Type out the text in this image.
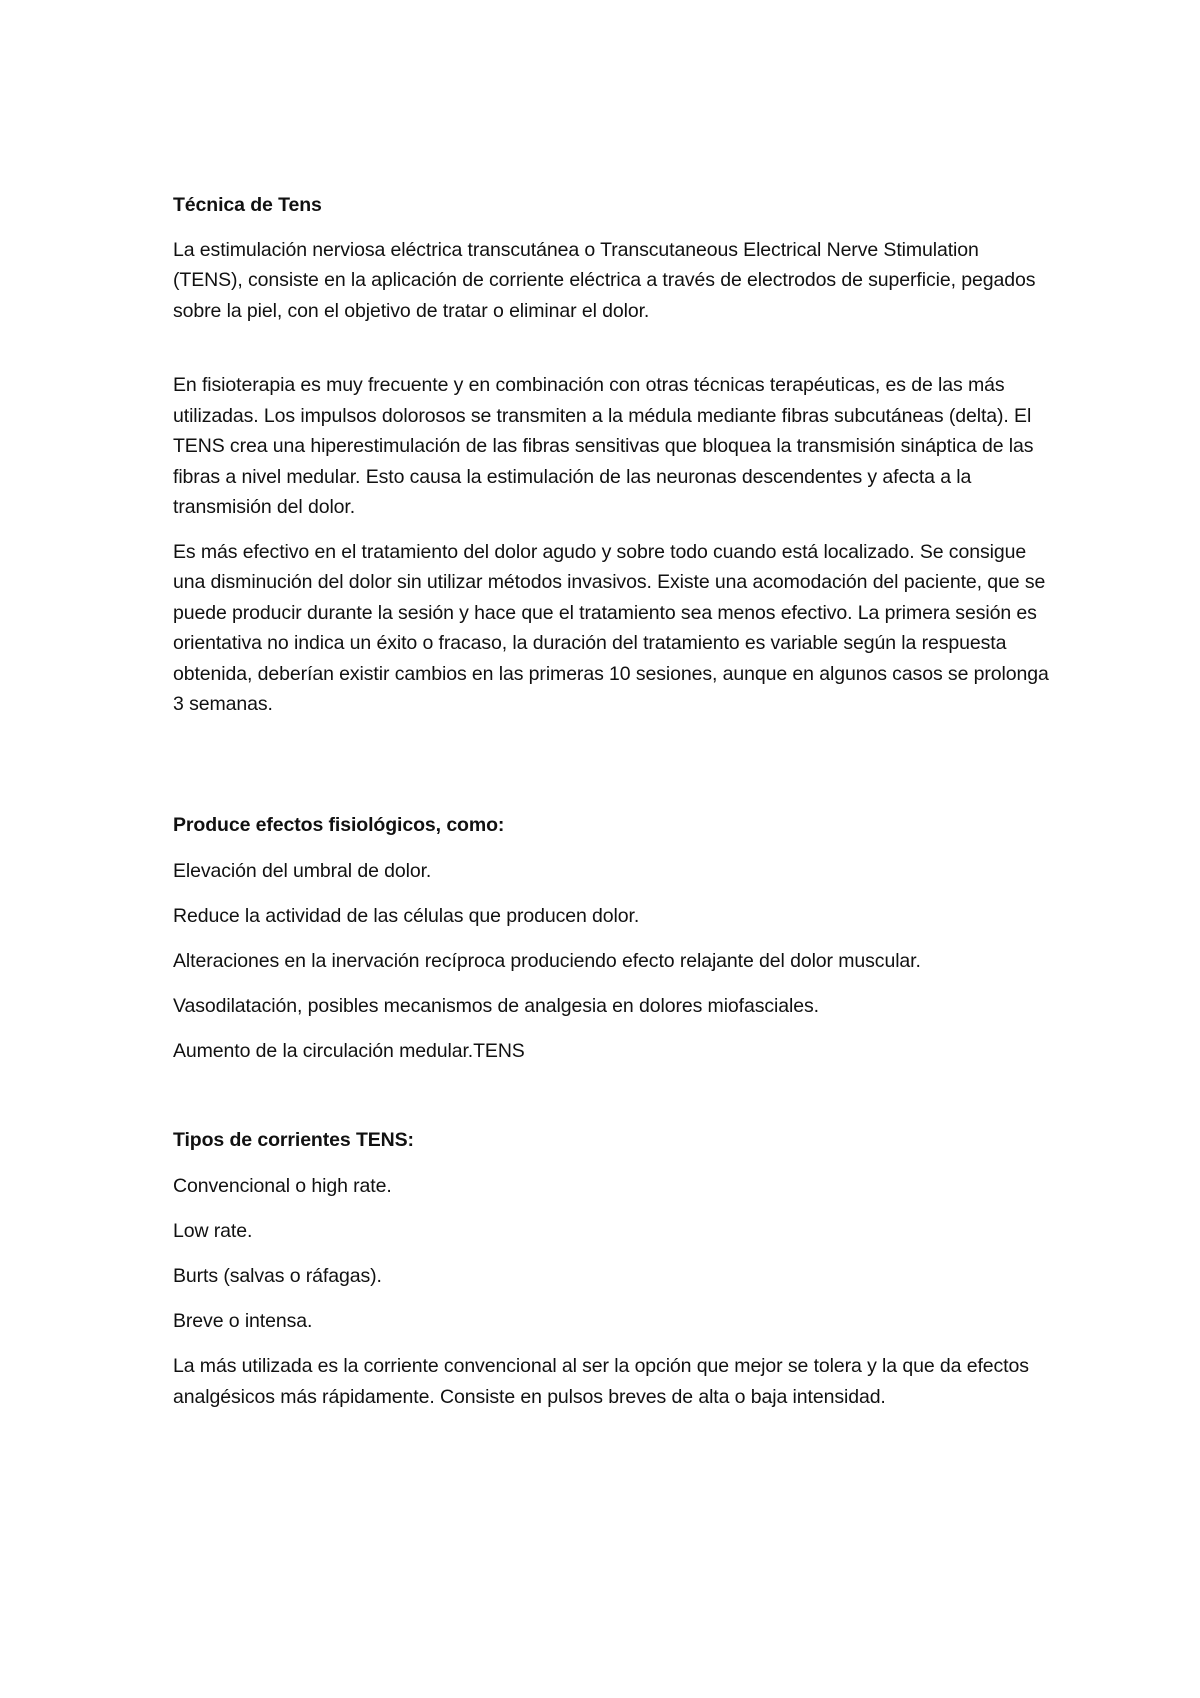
Técnica de Tens

La estimulación nerviosa eléctrica transcutánea o Transcutaneous Electrical Nerve Stimulation (TENS), consiste en la aplicación de corriente eléctrica a través de electrodos de superficie, pegados sobre la piel, con el objetivo de tratar o eliminar el dolor.

En fisioterapia es muy frecuente y en combinación con otras técnicas terapéuticas, es de las más utilizadas. Los impulsos dolorosos se transmiten a la médula mediante fibras subcutáneas (delta). El TENS crea una hiperestimulación de las fibras sensitivas que bloquea la transmisión sináptica de las fibras a nivel medular. Esto causa la estimulación de las neuronas descendentes y afecta a la transmisión del dolor.

Es más efectivo en el tratamiento del dolor agudo y sobre todo cuando está localizado. Se consigue una disminución del dolor sin utilizar métodos invasivos. Existe una acomodación del paciente, que se puede producir durante la sesión y hace que el tratamiento sea menos efectivo. La primera sesión es orientativa no indica un éxito o fracaso, la duración del tratamiento es variable según la respuesta obtenida, deberían existir cambios en las primeras 10 sesiones, aunque en algunos casos se prolonga 3 semanas.

Produce efectos fisiológicos, como:

Elevación del umbral de dolor.

Reduce la actividad de las células que producen dolor.

Alteraciones en la inervación recíproca produciendo efecto relajante del dolor muscular.

Vasodilatación, posibles mecanismos de analgesia en dolores miofasciales.

Aumento de la circulación medular.TENS

Tipos de corrientes TENS:

Convencional o high rate.

Low rate.

Burts (salvas o ráfagas).

Breve o intensa.

La más utilizada es la corriente convencional al ser la opción que mejor se tolera y la que da efectos analgésicos más rápidamente. Consiste en pulsos breves de alta o baja intensidad.
